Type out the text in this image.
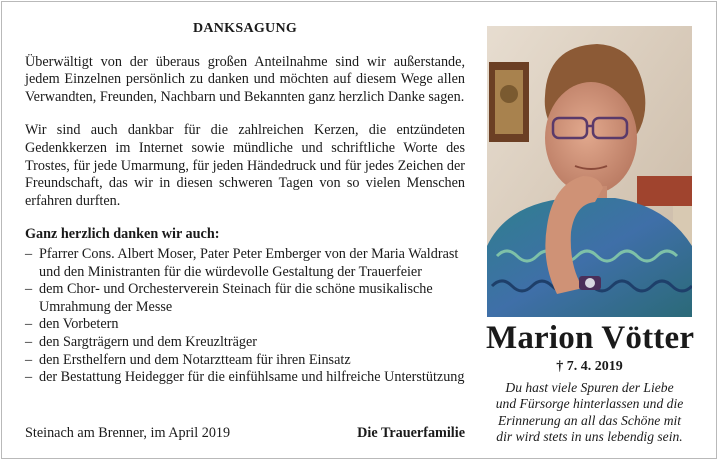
DANKSAGUNG
Überwältigt von der überaus großen Anteilnahme sind wir außerstande, jedem Einzelnen persönlich zu danken und möchten auf diesem Wege allen Verwandten, Freunden, Nachbarn und Bekannten ganz herzlich Danke sagen.
Wir sind auch dankbar für die zahlreichen Kerzen, die entzündeten Gedenkkerzen im Internet sowie mündliche und schriftliche Worte des Trostes, für jede Umarmung, für jeden Händedruck und für jedes Zeichen der Freundschaft, das wir in diesen schweren Tagen von so vielen Menschen erfahren durften.
Ganz herzlich danken wir auch:
– Pfarrer Cons. Albert Moser, Pater Peter Emberger von der Maria Waldrast und den Ministranten für die würdevolle Gestaltung der Trauerfeier
– dem Chor- und Orchesterverein Steinach für die schöne musikalische Umrahmung der Messe
– den Vorbetern
– den Sargträgern und dem Kreuzlträger
– den Ersthelfern und dem Notarztteam für ihren Einsatz
– der Bestattung Heidegger für die einfühlsame und hilfreiche Unterstützung
Steinach am Brenner, im April 2019	Die Trauerfamilie
Marion Vötter
† 7. 4. 2019
Du hast viele Spuren der Liebe
und Fürsorge hinterlassen und die
Erinnerung an all das Schöne mit
dir wird stets in uns lebendig sein.
